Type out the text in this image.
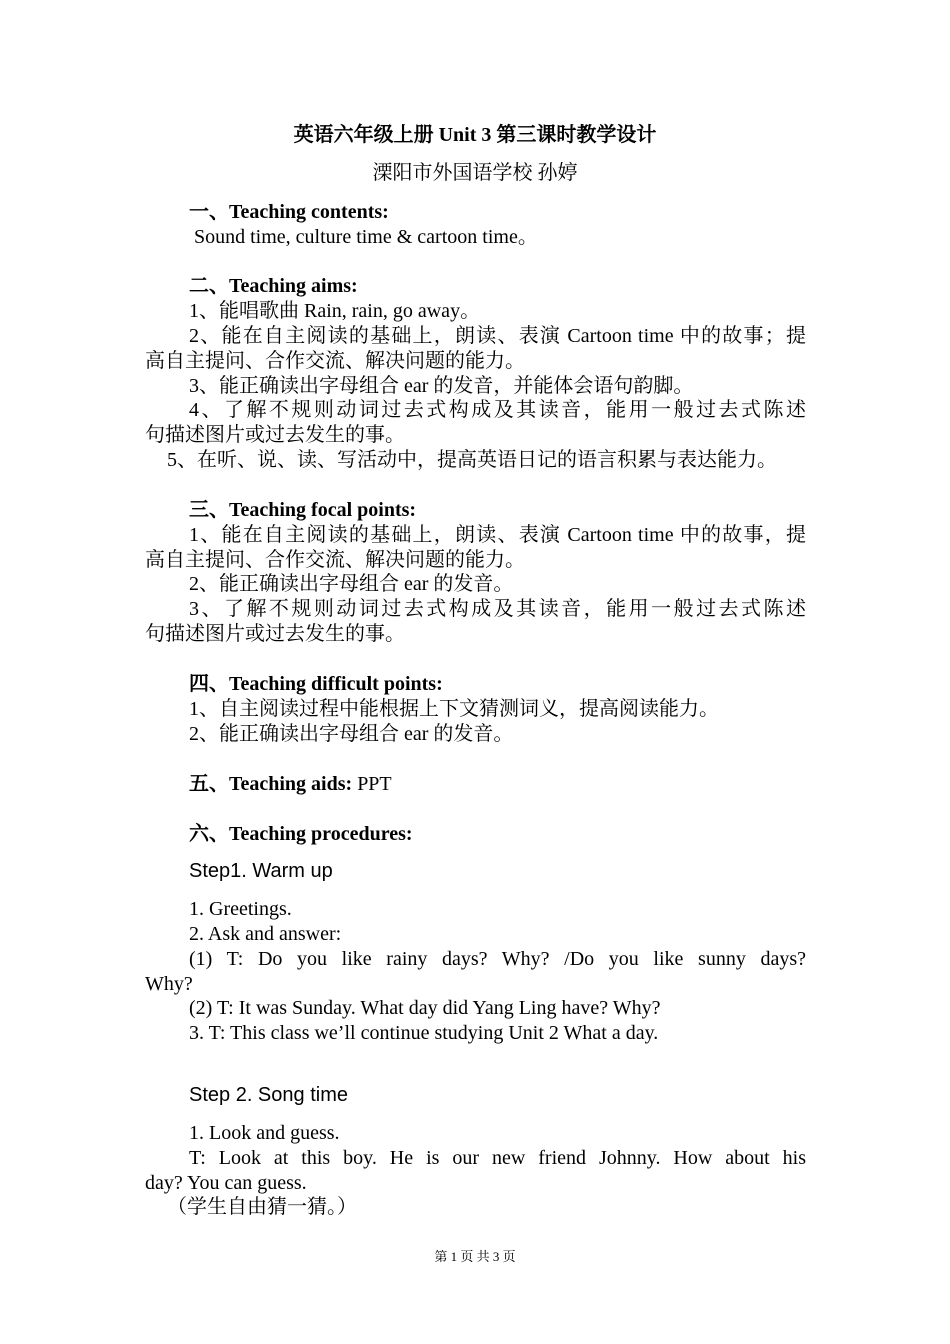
英语六年级上册 Unit 3 第三课时教学设计
溧阳市外国语学校 孙婷
一、Teaching contents:
Sound time, culture time & cartoon time。
二、Teaching aims:
1、能唱歌曲 Rain, rain, go away。
2、能在自主阅读的基础上，朗读、表演 Cartoon time 中的故事；提
高自主提问、合作交流、解决问题的能力。
3、能正确读出字母组合 ear 的发音，并能体会语句韵脚。
4、了解不规则动词过去式构成及其读音，能用一般过去式陈述
句描述图片或过去发生的事。
5、在听、说、读、写活动中，提高英语日记的语言积累与表达能力。
三、Teaching focal points:
1、能在自主阅读的基础上，朗读、表演 Cartoon time 中的故事，提
高自主提问、合作交流、解决问题的能力。
2、能正确读出字母组合 ear 的发音。
3、了解不规则动词过去式构成及其读音，能用一般过去式陈述
句描述图片或过去发生的事。
四、Teaching difficult points:
1、自主阅读过程中能根据上下文猜测词义，提高阅读能力。
2、能正确读出字母组合 ear 的发音。
五、Teaching aids: PPT
六、Teaching procedures:
Step1. Warm up
1. Greetings.
2. Ask and answer:
(1) T: Do you like rainy days? Why? /Do you like sunny days?
Why?
(2) T: It was Sunday. What day did Yang Ling have? Why?
3. T: This class we’ll continue studying Unit 2 What a day.
Step 2. Song time
1. Look and guess.
T: Look at this boy. He is our new friend Johnny. How about his
day? You can guess.
（学生自由猜一猜。）
第 1 页 共 3 页
